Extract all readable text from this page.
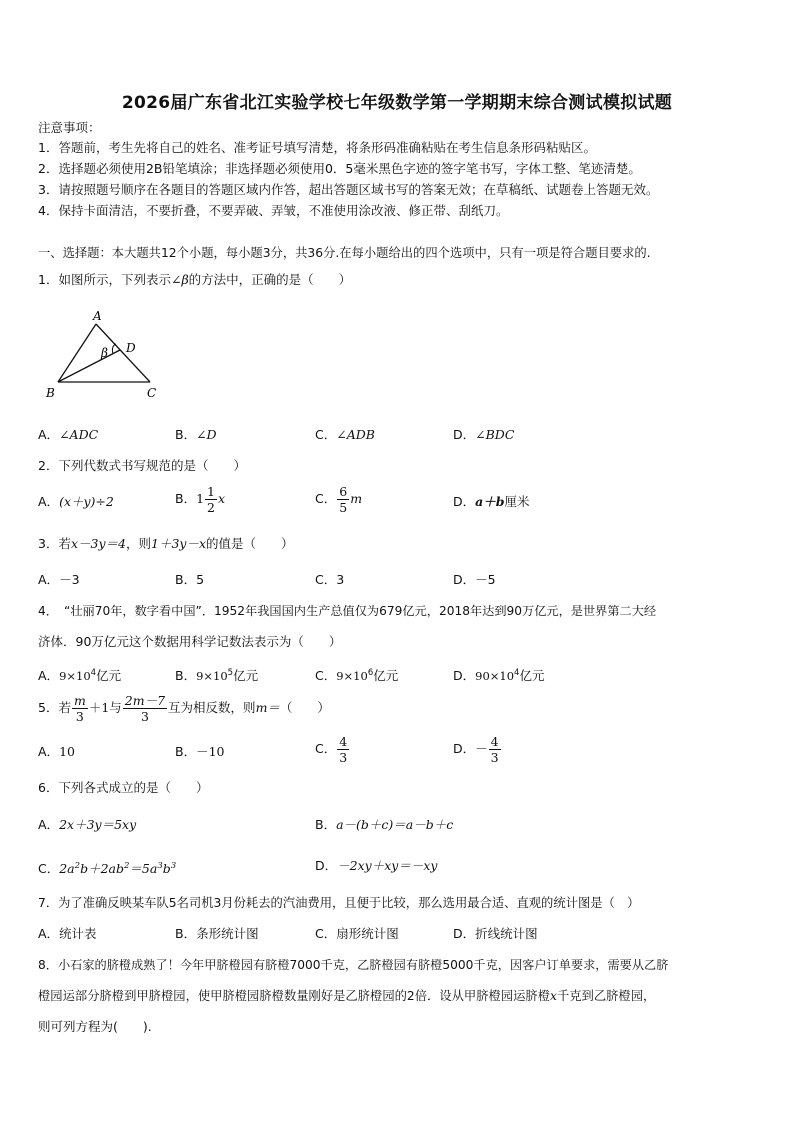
2026届广东省北江实验学校七年级数学第一学期期末综合测试模拟试题
注意事项：
1．答题前，考生先将自己的姓名、准考证号填写清楚，将条形码准确粘贴在考生信息条形码粘贴区。
2．选择题必须使用2B铅笔填涂；非选择题必须使用0．5毫米黑色字迹的签字笔书写，字体工整、笔迹清楚。
3．请按照题号顺序在各题目的答题区域内作答，超出答题区域书写的答案无效；在草稿纸、试题卷上答题无效。
4．保持卡面清洁，不要折叠，不要弄破、弄皱，不准使用涂改液、修正带、刮纸刀。
一、选择题：本大题共12个小题，每小题3分，共36分.在每小题给出的四个选项中，只有一项是符合题目要求的.
1．如图所示，下列表示∠β的方法中，正确的是（　　）
A
B	C
D
β
A．∠ADC	B．∠D	C．∠ADB	D．∠BDC
2．下列代数式书写规范的是（　　）
A．(x＋y)÷2	B．$1 \frac{1}{2}$ x	C． $\frac{6}{5}$ m	D．a＋b厘米
3．若x－3y＝4，则1＋3y－x的值是（　　）
A．－3	B．5	C．3	D．－5
4．　“壮丽70年，数字看中国”．1952年我国国内生产总值仅为679亿元，2018年达到90万亿元，是世界第二大经
济体．90万亿元这个数据用科学记数法表示为（　　）
A．$9\times 10^4$亿元	B．$9\times 10^5$亿元	C．$9\times 10^6$亿元	D．$90\times 10^4$亿元
5．若 $\frac{m}{3} +1$与 $\frac{2m-7}{3}$ 互为相反数，则m＝（　　）
A．10	B．－10	C． $\frac{4}{3}$	D．－ $\frac{4}{3}$
6．下列各式成立的是（　　）
A．2x＋3y＝5xy	B．a－(b＋c)＝a－b＋c
C．$2a^2b+2ab^2=5a^3b^3$	D．－2xy＋xy＝－xy
7．为了准确反映某车队5名司机3月份耗去的汽油费用，且便于比较，那么选用最合适、直观的统计图是（　）
A．统计表	B．条形统计图	C．扇形统计图	D．折线统计图
8．小石家的脐橙成熟了！今年甲脐橙园有脐橙7000千克，乙脐橙园有脐橙5000千克，因客户订单要求，需要从乙脐
橙园运部分脐橙到甲脐橙园，使甲脐橙园脐橙数量刚好是乙脐橙园的2倍．设从甲脐橙园运脐橙x千克到乙脐橙园，
则可列方程为(　　).
